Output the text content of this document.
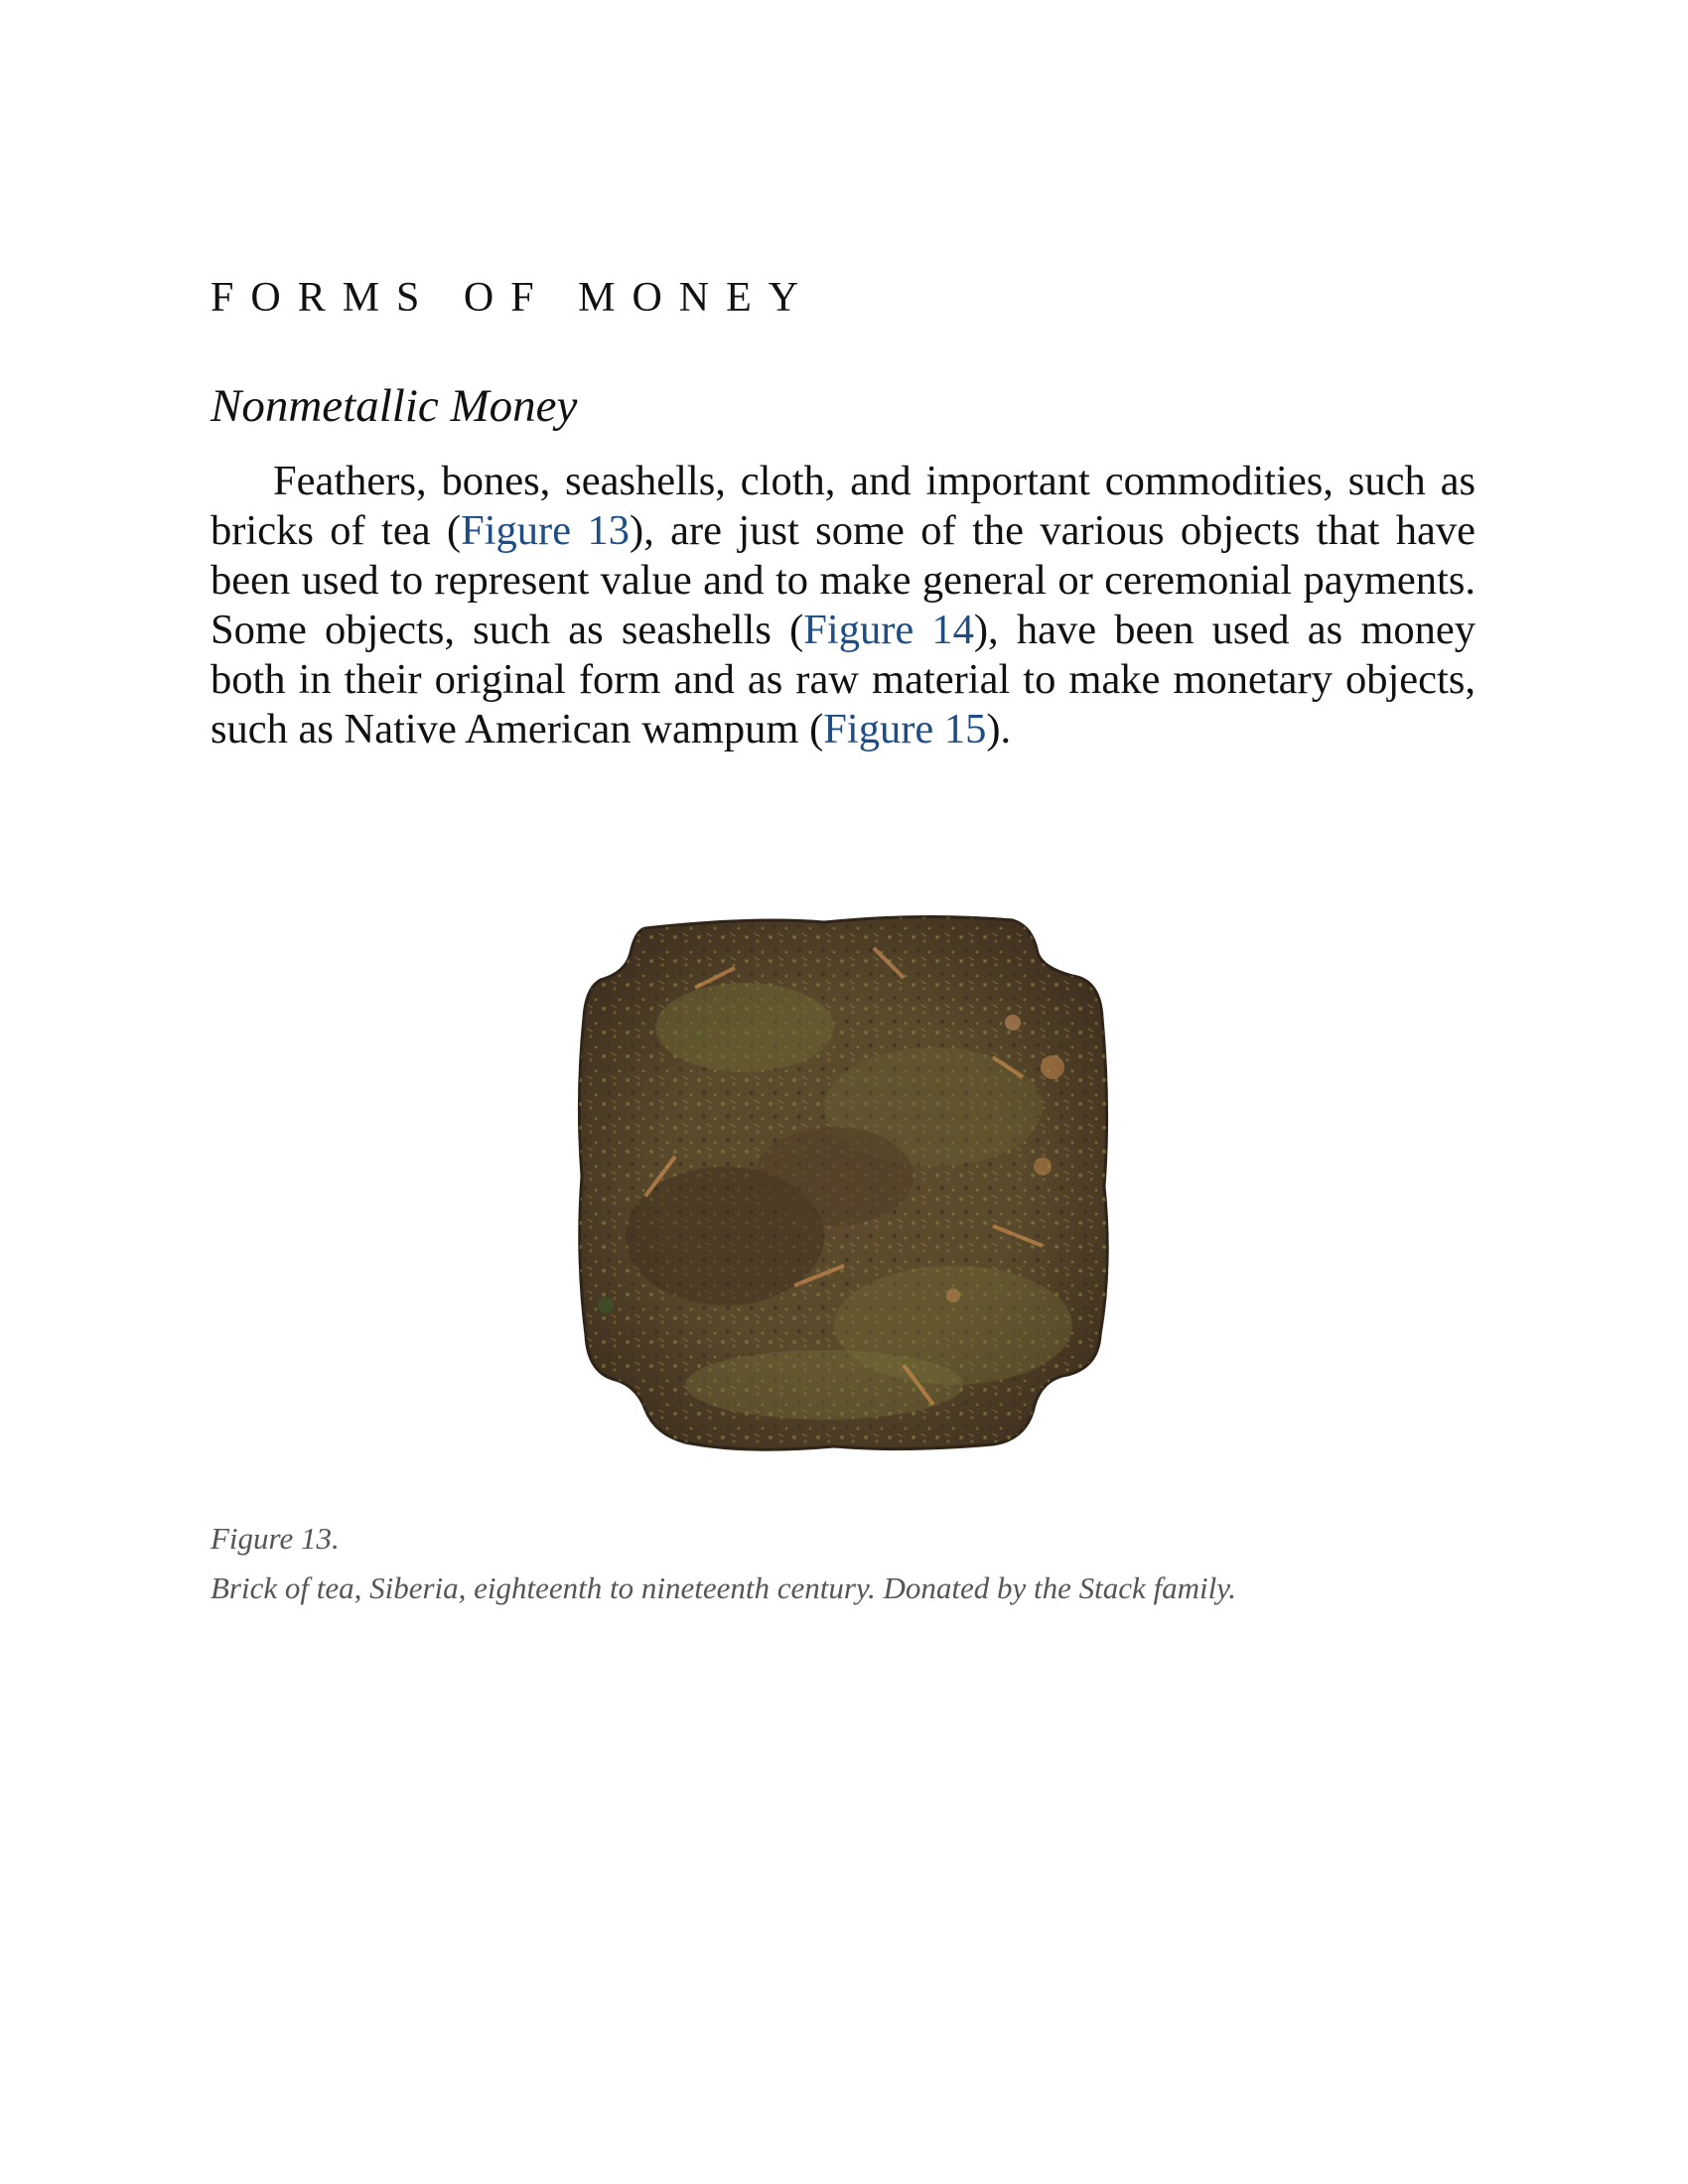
FORMS OF MONEY
Nonmetallic Money

Feathers, bones, seashells, cloth, and important commodities, such as bricks of tea (Figure 13), are just some of the various objects that have been used to represent value and to make general or ceremonial payments. Some objects, such as seashells (Figure 14), have been used as money both in their original form and as raw material to make monetary objects, such as Native American wampum (Figure 15).

Figure 13.
Brick of tea, Siberia, eighteenth to nineteenth century. Donated by the Stack family.
